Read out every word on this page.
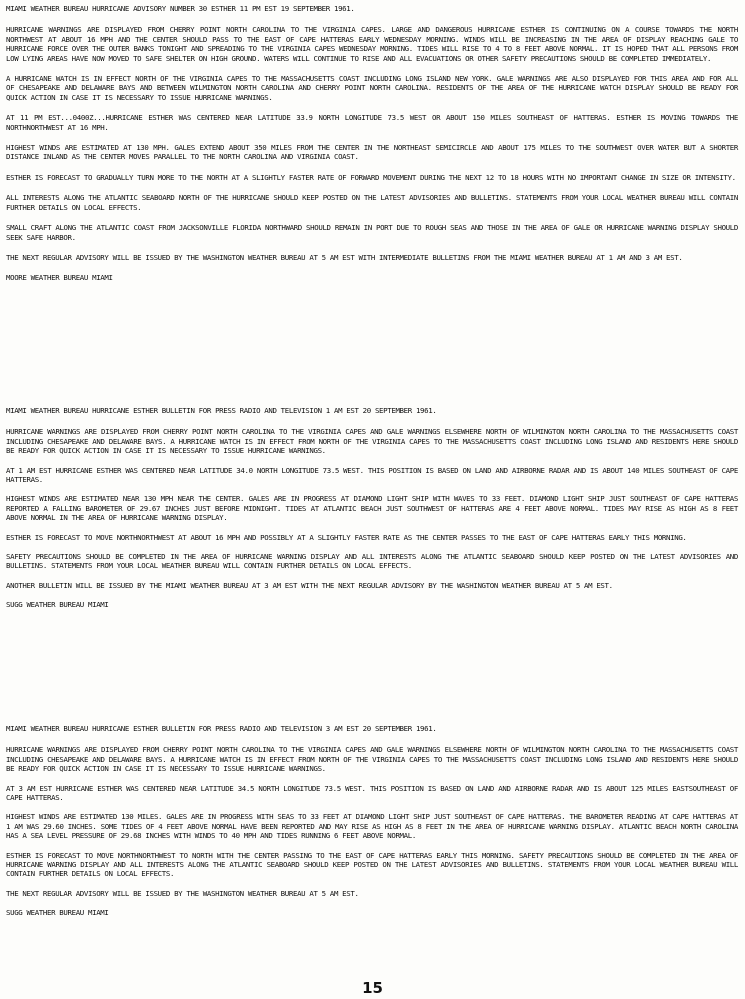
MIAMI WEATHER BUREAU HURRICANE ADVISORY NUMBER 30 ESTHER 11 PM EST 19 SEPTEMBER 1961.

HURRICANE WARNINGS ARE DISPLAYED FROM CHERRY POINT NORTH CAROLINA TO THE VIRGINIA CAPES. LARGE AND DANGEROUS HURRICANE ESTHER IS CONTINUING ON A COURSE TOWARDS THE NORTH NORTHWEST AT ABOUT 16 MPH AND THE CENTER SHOULD PASS TO THE EAST OF CAPE HATTERAS EARLY WEDNESDAY MORNING. WINDS WILL BE INCREASING IN THE AREA OF DISPLAY REACHING GALE TO HURRICANE FORCE OVER THE OUTER BANKS TONIGHT AND SPREADING TO THE VIRGINIA CAPES WEDNESDAY MORNING. TIDES WILL RISE TO 4 TO 8 FEET ABOVE NORMAL. IT IS HOPED THAT ALL PERSONS FROM LOW LYING AREAS HAVE NOW MOVED TO SAFE SHELTER ON HIGH GROUND. WATERS WILL CONTINUE TO RISE AND ALL EVACUATIONS OR OTHER SAFETY PRECAUTIONS SHOULD BE COMPLETED IMMEDIATELY.

A HURRICANE WATCH IS IN EFFECT NORTH OF THE VIRGINIA CAPES TO THE MASSACHUSETTS COAST INCLUDING LONG ISLAND NEW YORK. GALE WARNINGS ARE ALSO DISPLAYED FOR THIS AREA AND FOR ALL OF CHESAPEAKE AND DELAWARE BAYS AND BETWEEN WILMINGTON NORTH CAROLINA AND CHERRY POINT NORTH CAROLINA. RESIDENTS OF THE AREA OF THE HURRICANE WATCH DISPLAY SHOULD BE READY FOR QUICK ACTION IN CASE IT IS NECESSARY TO ISSUE HURRICANE WARNINGS.

AT 11 PM EST...0400Z...HURRICANE ESTHER WAS CENTERED NEAR LATITUDE 33.9 NORTH LONGITUDE 73.5 WEST OR ABOUT 150 MILES SOUTHEAST OF HATTERAS. ESTHER IS MOVING TOWARDS THE NORTHNORTHWEST AT 16 MPH.

HIGHEST WINDS ARE ESTIMATED AT 130 MPH. GALES EXTEND ABOUT 350 MILES FROM THE CENTER IN THE NORTHEAST SEMICIRCLE AND ABOUT 175 MILES TO THE SOUTHWEST OVER WATER BUT A SHORTER DISTANCE INLAND AS THE CENTER MOVES PARALLEL TO THE NORTH CAROLINA AND VIRGINIA COAST.

ESTHER IS FORECAST TO GRADUALLY TURN MORE TO THE NORTH AT A SLIGHTLY FASTER RATE OF FORWARD MOVEMENT DURING THE NEXT 12 TO 18 HOURS WITH NO IMPORTANT CHANGE IN SIZE OR INTENSITY.

ALL INTERESTS ALONG THE ATLANTIC SEABOARD NORTH OF THE HURRICANE SHOULD KEEP POSTED ON THE LATEST ADVISORIES AND BULLETINS. STATEMENTS FROM YOUR LOCAL WEATHER BUREAU WILL CONTAIN FURTHER DETAILS ON LOCAL EFFECTS.

SMALL CRAFT ALONG THE ATLANTIC COAST FROM JACKSONVILLE FLORIDA NORTHWARD SHOULD REMAIN IN PORT DUE TO ROUGH SEAS AND THOSE IN THE AREA OF GALE OR HURRICANE WARNING DISPLAY SHOULD SEEK SAFE HARBOR.

THE NEXT REGULAR ADVISORY WILL BE ISSUED BY THE WASHINGTON WEATHER BUREAU AT 5 AM EST WITH INTERMEDIATE BULLETINS FROM THE MIAMI WEATHER BUREAU AT 1 AM AND 3 AM EST.

MOORE WEATHER BUREAU MIAMI

MIAMI WEATHER BUREAU HURRICANE ESTHER BULLETIN FOR PRESS RADIO AND TELEVISION 1 AM EST 20 SEPTEMBER 1961.

HURRICANE WARNINGS ARE DISPLAYED FROM CHERRY POINT NORTH CAROLINA TO THE VIRGINIA CAPES AND GALE WARNINGS ELSEWHERE NORTH OF WILMINGTON NORTH CAROLINA TO THE MASSACHUSETTS COAST INCLUDING CHESAPEAKE AND DELAWARE BAYS. A HURRICANE WATCH IS IN EFFECT FROM NORTH OF THE VIRGINIA CAPES TO THE MASSACHUSETTS COAST INCLUDING LONG ISLAND AND RESIDENTS HERE SHOULD BE READY FOR QUICK ACTION IN CASE IT IS NECESSARY TO ISSUE HURRICANE WARNINGS.

AT 1 AM EST HURRICANE ESTHER WAS CENTERED NEAR LATITUDE 34.0 NORTH LONGITUDE 73.5 WEST. THIS POSITION IS BASED ON LAND AND AIRBORNE RADAR AND IS ABOUT 140 MILES SOUTHEAST OF CAPE HATTERAS.

HIGHEST WINDS ARE ESTIMATED NEAR 130 MPH NEAR THE CENTER. GALES ARE IN PROGRESS AT DIAMOND LIGHT SHIP WITH WAVES TO 33 FEET. DIAMOND LIGHT SHIP JUST SOUTHEAST OF CAPE HATTERAS REPORTED A FALLING BAROMETER OF 29.67 INCHES JUST BEFORE MIDNIGHT. TIDES AT ATLANTIC BEACH JUST SOUTHWEST OF HATTERAS ARE 4 FEET ABOVE NORMAL. TIDES MAY RISE AS HIGH AS 8 FEET ABOVE NORMAL IN THE AREA OF HURRICANE WARNING DISPLAY.

ESTHER IS FORECAST TO MOVE NORTHNORTHWEST AT ABOUT 16 MPH AND POSSIBLY AT A SLIGHTLY FASTER RATE AS THE CENTER PASSES TO THE EAST OF CAPE HATTERAS EARLY THIS MORNING.

SAFETY PRECAUTIONS SHOULD BE COMPLETED IN THE AREA OF HURRICANE WARNING DISPLAY AND ALL INTERESTS ALONG THE ATLANTIC SEABOARD SHOULD KEEP POSTED ON THE LATEST ADVISORIES AND BULLETINS. STATEMENTS FROM YOUR LOCAL WEATHER BUREAU WILL CONTAIN FURTHER DETAILS ON LOCAL EFFECTS.

ANOTHER BULLETIN WILL BE ISSUED BY THE MIAMI WEATHER BUREAU AT 3 AM EST WITH THE NEXT REGULAR ADVISORY BY THE WASHINGTON WEATHER BUREAU AT 5 AM EST.

SUGG WEATHER BUREAU MIAMI

MIAMI WEATHER BUREAU HURRICANE ESTHER BULLETIN FOR PRESS RADIO AND TELEVISION 3 AM EST 20 SEPTEMBER 1961.

HURRICANE WARNINGS ARE DISPLAYED FROM CHERRY POINT NORTH CAROLINA TO THE VIRGINIA CAPES AND GALE WARNINGS ELSEWHERE NORTH OF WILMINGTON NORTH CAROLINA TO THE MASSACHUSETTS COAST INCLUDING CHESAPEAKE AND DELAWARE BAYS. A HURRICANE WATCH IS IN EFFECT FROM NORTH OF THE VIRGINIA CAPES TO THE MASSACHUSETTS COAST INCLUDING LONG ISLAND AND RESIDENTS HERE SHOULD BE READY FOR QUICK ACTION IN CASE IT IS NECESSARY TO ISSUE HURRICANE WARNINGS.

AT 3 AM EST HURRICANE ESTHER WAS CENTERED NEAR LATITUDE 34.5 NORTH LONGITUDE 73.5 WEST. THIS POSITION IS BASED ON LAND AND AIRBORNE RADAR AND IS ABOUT 125 MILES EASTSOUTHEAST OF CAPE HATTERAS.

HIGHEST WINDS ARE ESTIMATED 130 MILES. GALES ARE IN PROGRESS WITH SEAS TO 33 FEET AT DIAMOND LIGHT SHIP JUST SOUTHEAST OF CAPE HATTERAS. THE BAROMETER READING AT CAPE HATTERAS AT 1 AM WAS 29.60 INCHES. SOME TIDES OF 4 FEET ABOVE NORMAL HAVE BEEN REPORTED AND MAY RISE AS HIGH AS 8 FEET IN THE AREA OF HURRICANE WARNING DISPLAY. ATLANTIC BEACH NORTH CAROLINA HAS A SEA LEVEL PRESSURE OF 29.68 INCHES WITH WINDS TO 40 MPH AND TIDES RUNNING 6 FEET ABOVE NORMAL.

ESTHER IS FORECAST TO MOVE NORTHNORTHWEST TO NORTH WITH THE CENTER PASSING TO THE EAST OF CAPE HATTERAS EARLY THIS MORNING. SAFETY PRECAUTIONS SHOULD BE COMPLETED IN THE AREA OF HURRICANE WARNING DISPLAY AND ALL INTERESTS ALONG THE ATLANTIC SEABOARD SHOULD KEEP POSTED ON THE LATEST ADVISORIES AND BULLETINS. STATEMENTS FROM YOUR LOCAL WEATHER BUREAU WILL CONTAIN FURTHER DETAILS ON LOCAL EFFECTS.

THE NEXT REGULAR ADVISORY WILL BE ISSUED BY THE WASHINGTON WEATHER BUREAU AT 5 AM EST.

SUGG WEATHER BUREAU MIAMI

15
